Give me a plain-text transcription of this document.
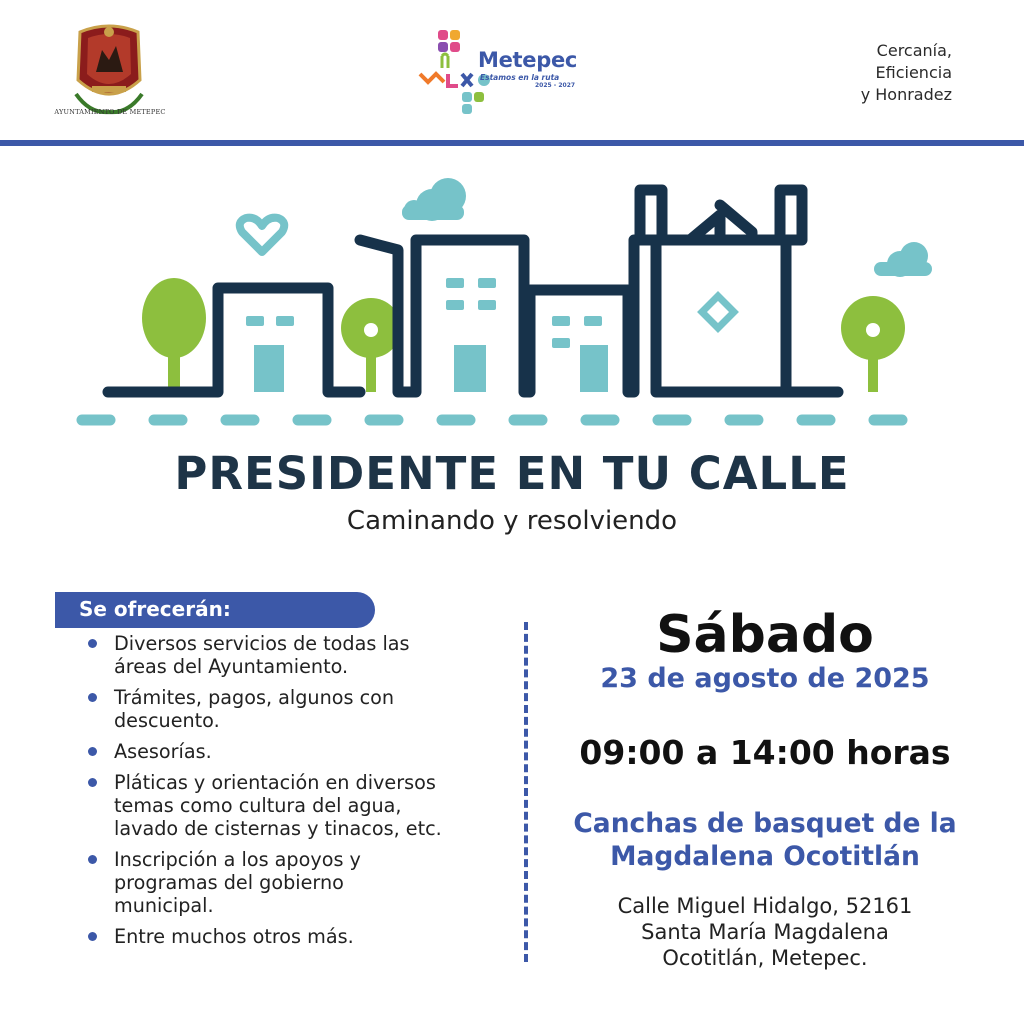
AYUNTAMIENTO DE METEPEC
Metepec
Estamos en la ruta
2025 - 2027
Cercanía,
Eficiencia
y Honradez
PRESIDENTE EN TU CALLE
Caminando y resolviendo
Se ofrecerán:
Diversos servicios de todas las
áreas del Ayuntamiento.
Trámites, pagos, algunos con
descuento.
Asesorías.
Pláticas y orientación en diversos
temas como cultura del agua,
lavado de cisternas y tinacos, etc.
Inscripción a los apoyos y
programas del gobierno
municipal.
Entre muchos otros más.
Sábado
23 de agosto de 2025
09:00 a 14:00 horas
Canchas de basquet de la
Magdalena Ocotitlán
Calle Miguel Hidalgo, 52161
Santa María Magdalena
Ocotitlán, Metepec.
